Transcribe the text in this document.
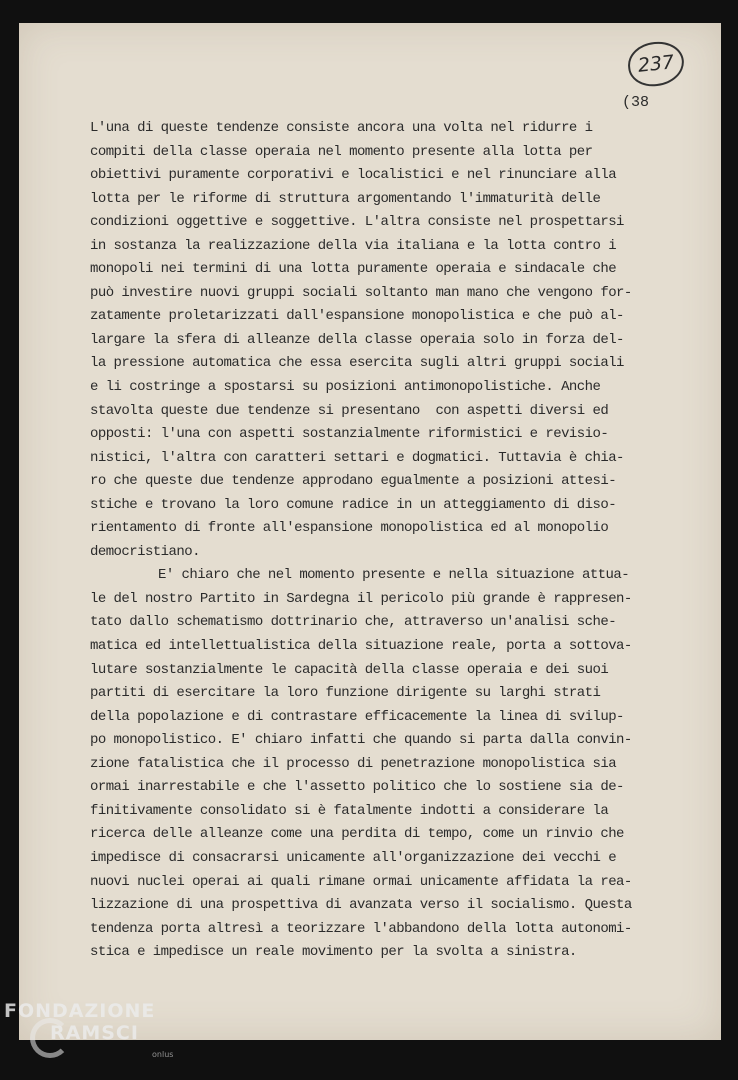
237
(38
L'una di queste tendenze consiste ancora una volta nel ridurre i
compiti della classe operaia nel momento presente alla lotta per
obiettivi puramente corporativi e localistici e nel rinunciare alla
lotta per le riforme di struttura argomentando l'immaturità delle
condizioni oggettive e soggettive. L'altra consiste nel prospettarsi
in sostanza la realizzazione della via italiana e la lotta contro i
monopoli nei termini di una lotta puramente operaia e sindacale che
può investire nuovi gruppi sociali soltanto man mano che vengono for-
zatamente proletarizzati dall'espansione monopolistica e che può al-
largare la sfera di alleanze della classe operaia solo in forza del-
la pressione automatica che essa esercita sugli altri gruppi sociali
e li costringe a spostarsi su posizioni antimonopolistiche. Anche
stavolta queste due tendenze si presentano  con aspetti diversi ed
opposti: l'una con aspetti sostanzialmente riformistici e revisio-
nistici, l'altra con caratteri settari e dogmatici. Tuttavia è chia-
ro che queste due tendenze approdano egualmente a posizioni attesi-
stiche e trovano la loro comune radice in un atteggiamento di diso-
rientamento di fronte all'espansione monopolistica ed al monopolio
democristiano.
E' chiaro che nel momento presente e nella situazione attua-
le del nostro Partito in Sardegna il pericolo più grande è rappresen-
tato dallo schematismo dottrinario che, attraverso un'analisi sche-
matica ed intellettualistica della situazione reale, porta a sottova-
lutare sostanzialmente le capacità della classe operaia e dei suoi
partiti di esercitare la loro funzione dirigente su larghi strati
della popolazione e di contrastare efficacemente la linea di svilup-
po monopolistico. E' chiaro infatti che quando si parta dalla convin-
zione fatalistica che il processo di penetrazione monopolistica sia
ormai inarrestabile e che l'assetto politico che lo sostiene sia de-
finitivamente consolidato si è fatalmente indotti a considerare la
ricerca delle alleanze come una perdita di tempo, come un rinvio che
impedisce di consacrarsi unicamente all'organizzazione dei vecchi e
nuovi nuclei operai ai quali rimane ormai unicamente affidata la rea-
lizzazione di una prospettiva di avanzata verso il socialismo. Questa
tendenza porta altresì a teorizzare l'abbandono della lotta autonomi-
stica e impedisce un reale movimento per la svolta a sinistra.
FONDAZIONE
RAMSCI
onlus
